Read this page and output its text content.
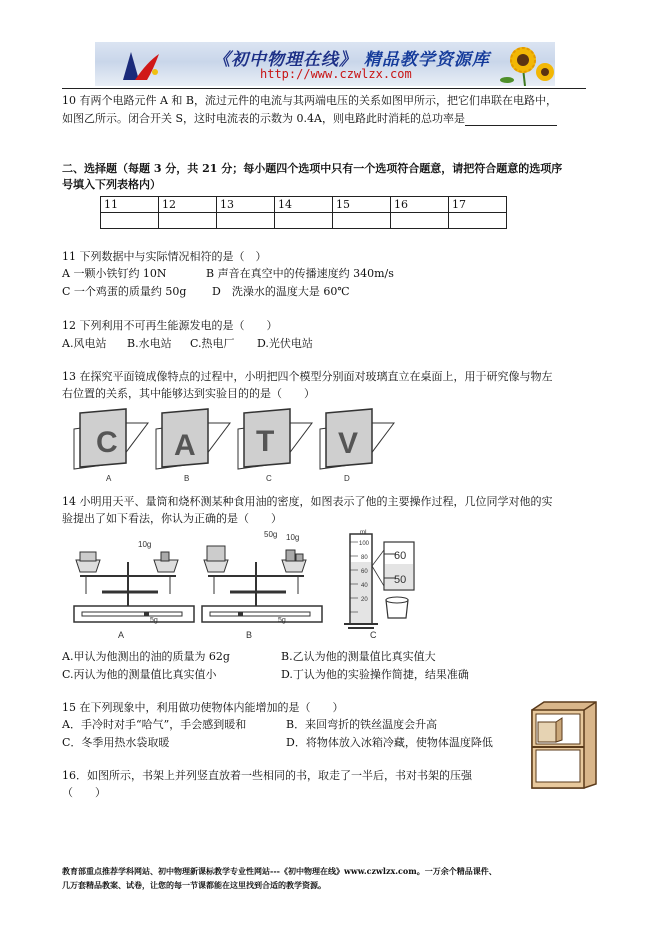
《初中物理在线》 精品教学资源库
http://www.czwlzx.com
10 有两个电路元件 A 和 B，流过元件的电流与其两端电压的关系如图甲所示，把它们串联在电路中，
如图乙所示。闭合开关 S，这时电流表的示数为 0.4A，则电路此时消耗的总功率是
二、选择题（每题 3 分，共 21 分；每小题四个选项中只有一个选项符合题意，请把符合题意的选项序
号填入下列表格内）
11	12	13	14	15	16	17

11 下列数据中与实际情况相符的是（　）
A 一颗小铁钉约 10N	B 声音在真空中的传播速度约 340m/s
C 一个鸡蛋的质量约 50g D　洗澡水的温度大是 60℃
12 下列利用不可再生能源发电的是（　　）
A.风电站 B.水电站 C.热电厂 D.光伏电站
13 在探究平面镜成像特点的过程中，小明把四个模型分别面对玻璃直立在桌面上，用于研究像与物左
右位置的关系，其中能够达到实验目的的是（　　）
C
A
A
B
T
C
V
D
14 小明用天平、量筒和烧杯测某种食用油的密度，如图表示了他的主要操作过程，几位同学对他的实
验提出了如下看法，你认为正确的是（　　）
10g
5g
A
50g 10g
5g
B
mL
100
80
60
40
20
60
50
C
A.甲认为他测出的油的质量为 62g	B.乙认为他的测量值比真实值大
C.丙认为他的测量值比真实值小	D.丁认为他的实验操作简捷，结果准确
15 在下列现象中，利用做功使物体内能增加的是（　　）
A．手冷时对手“哈气”，手会感到暖和	B．来回弯折的铁丝温度会升高
C．冬季用热水袋取暖	D．将物体放入冰箱冷藏，使物体温度降低
16．如图所示，书架上并列竖直放着一些相同的书，取走了一半后，书对书架的压强
（　　）
教育部重点推荐学科网站、初中物理新课标教学专业性网站---《初中物理在线》www.czwlzx.com。一万余个精品课件、
几万套精品教案、试卷，让您的每一节课都能在这里找到合适的教学资源。
